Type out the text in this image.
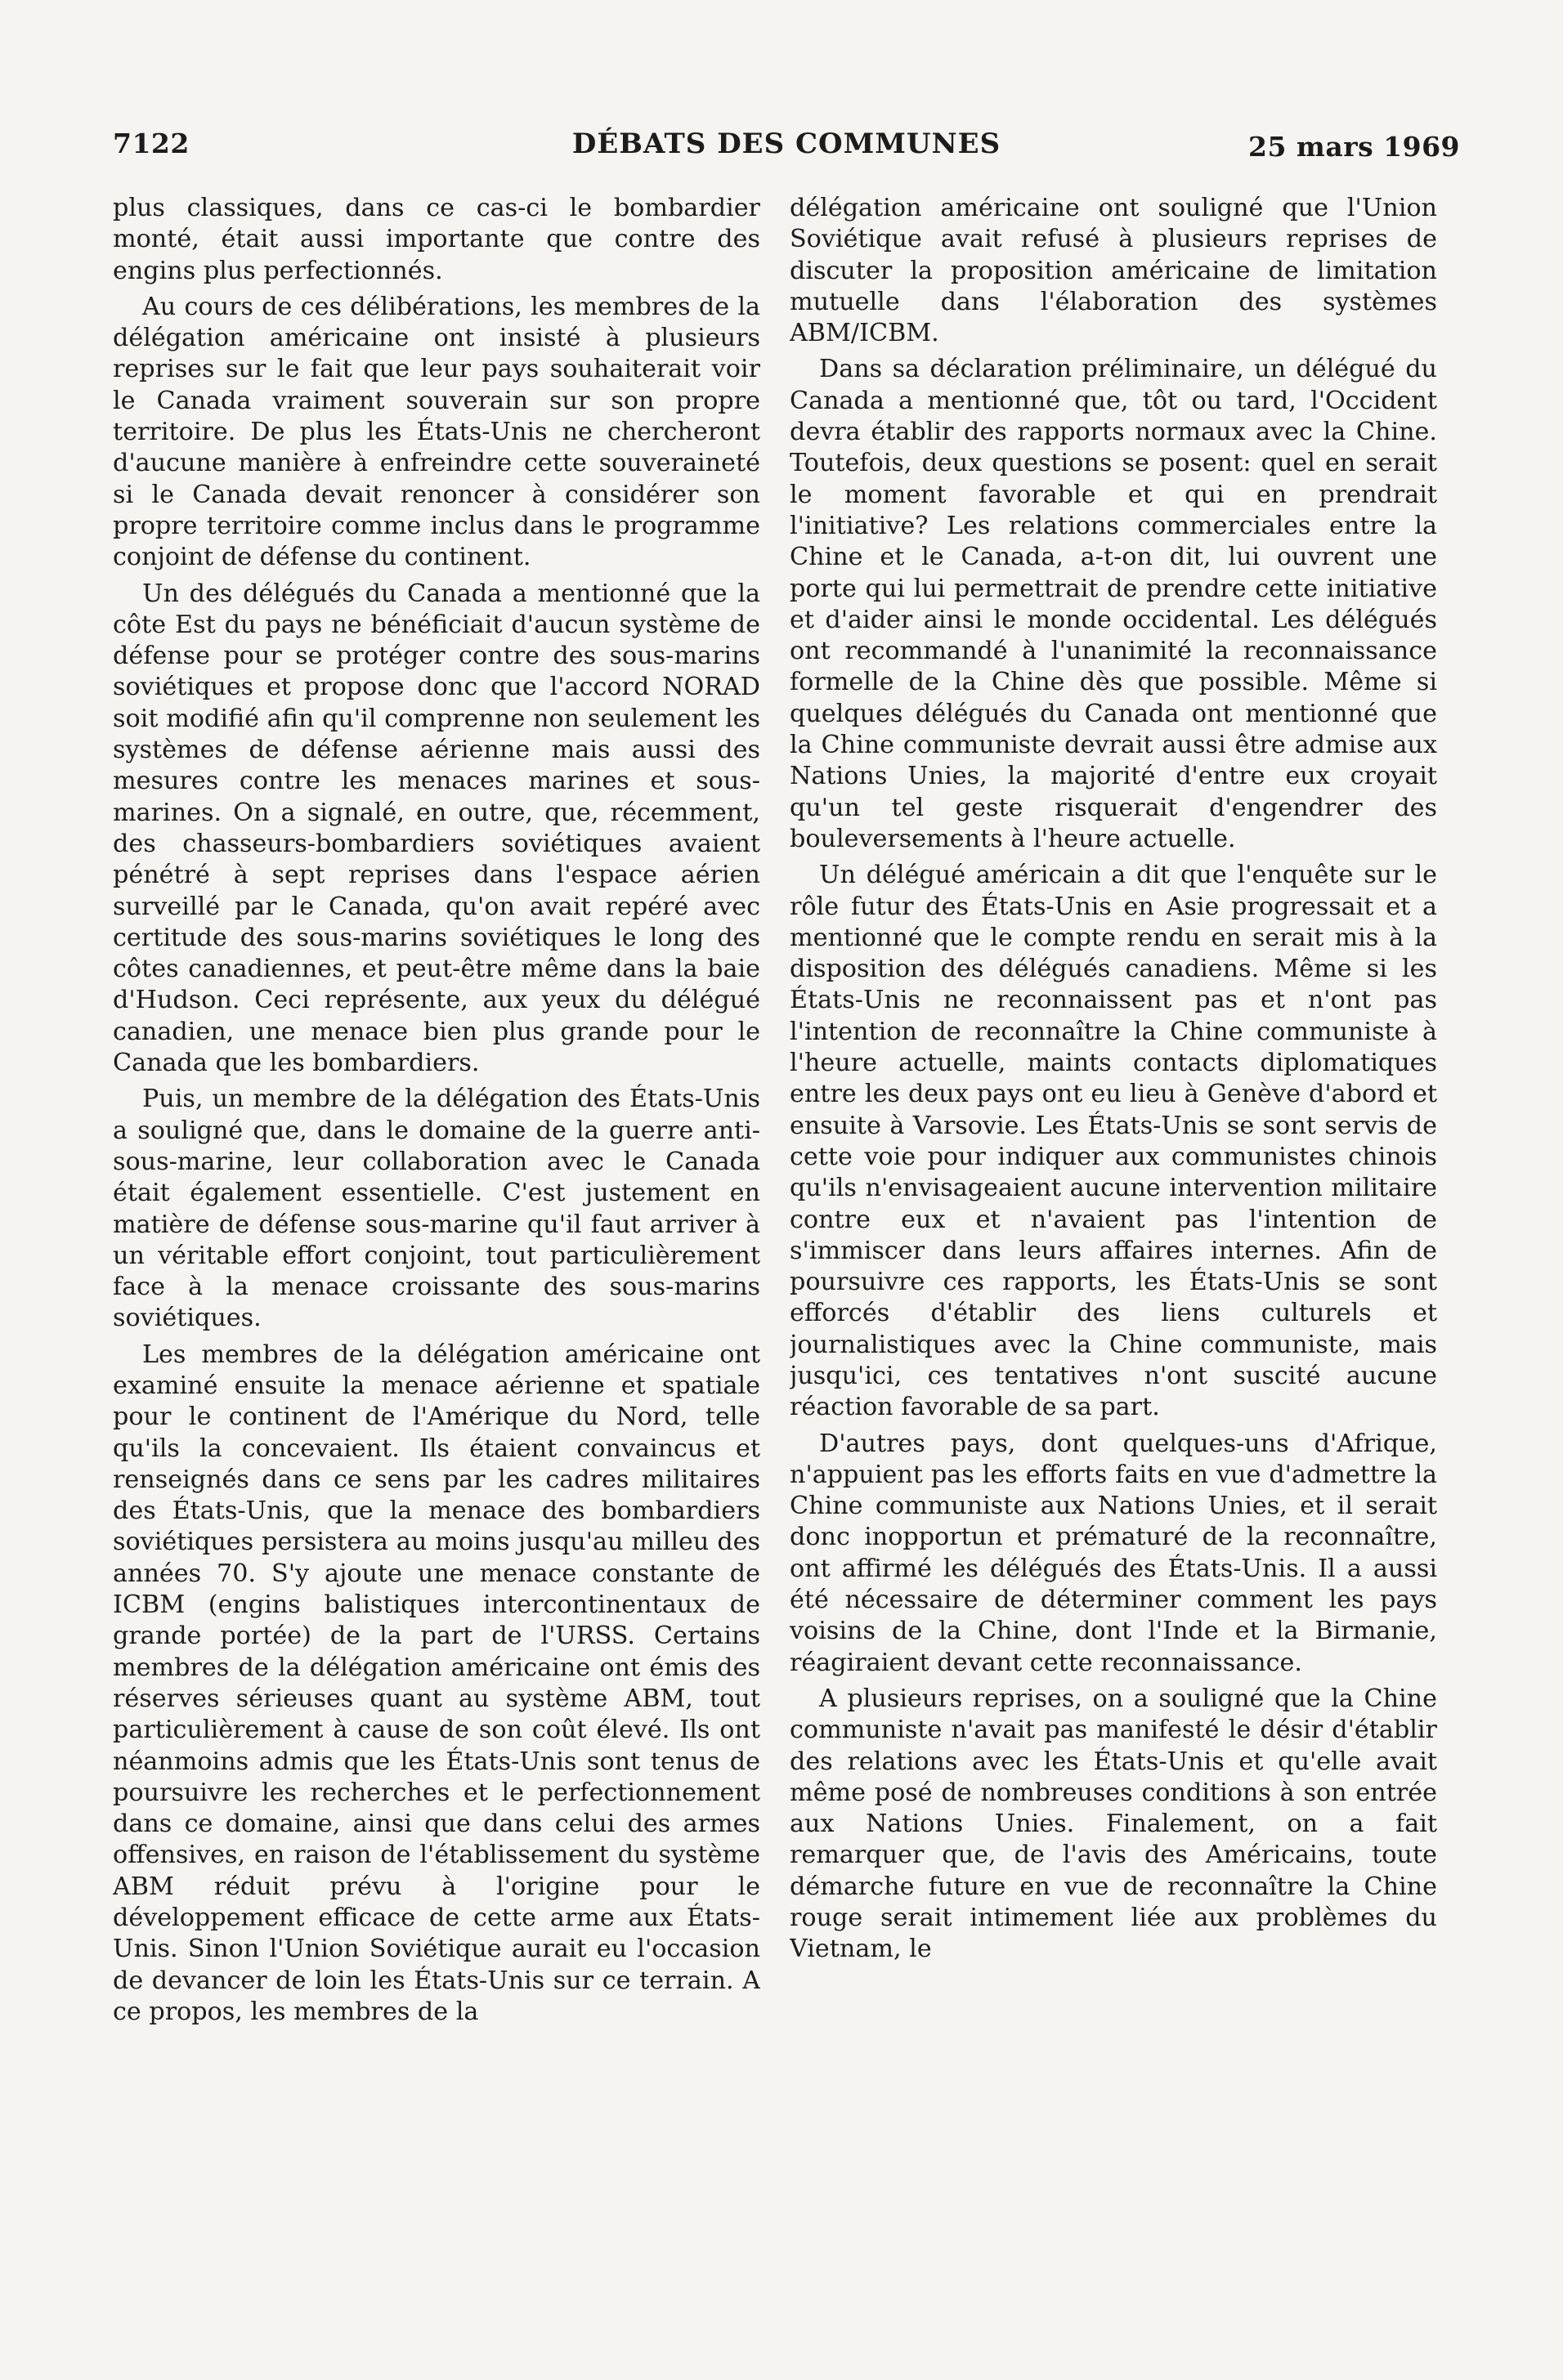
7122	DÉBATS DES COMMUNES	25 mars 1969

plus classiques, dans ce cas-ci le bombardier monté, était aussi importante que contre des engins plus perfectionnés.

Au cours de ces délibérations, les membres de la délégation américaine ont insisté à plusieurs reprises sur le fait que leur pays souhaiterait voir le Canada vraiment souverain sur son propre territoire. De plus les États-Unis ne chercheront d'aucune manière à enfreindre cette souveraineté si le Canada devait renoncer à considérer son propre territoire comme inclus dans le programme conjoint de défense du continent.

Un des délégués du Canada a mentionné que la côte Est du pays ne bénéficiait d'aucun système de défense pour se protéger contre des sous-marins soviétiques et propose donc que l'accord NORAD soit modifié afin qu'il comprenne non seulement les systèmes de défense aérienne mais aussi des mesures contre les menaces marines et sous-marines. On a signalé, en outre, que, récemment, des chasseurs-bombardiers soviétiques avaient pénétré à sept reprises dans l'espace aérien surveillé par le Canada, qu'on avait repéré avec certitude des sous-marins soviétiques le long des côtes canadiennes, et peut-être même dans la baie d'Hudson. Ceci représente, aux yeux du délégué canadien, une menace bien plus grande pour le Canada que les bombardiers.

Puis, un membre de la délégation des États-Unis a souligné que, dans le domaine de la guerre anti-sous-marine, leur collaboration avec le Canada était également essentielle. C'est justement en matière de défense sous-marine qu'il faut arriver à un véritable effort conjoint, tout particulièrement face à la menace croissante des sous-marins soviétiques.

Les membres de la délégation américaine ont examiné ensuite la menace aérienne et spatiale pour le continent de l'Amérique du Nord, telle qu'ils la concevaient. Ils étaient convaincus et renseignés dans ce sens par les cadres militaires des États-Unis, que la menace des bombardiers soviétiques persistera au moins jusqu'au milleu des années 70. S'y ajoute une menace constante de ICBM (engins balistiques intercontinentaux de grande portée) de la part de l'URSS. Certains membres de la délégation américaine ont émis des réserves sérieuses quant au système ABM, tout particulièrement à cause de son coût élevé. Ils ont néanmoins admis que les États-Unis sont tenus de poursuivre les recherches et le perfectionnement dans ce domaine, ainsi que dans celui des armes offensives, en raison de l'établissement du système ABM réduit prévu à l'origine pour le développement efficace de cette arme aux États-Unis. Sinon l'Union Soviétique aurait eu l'occasion de devancer de loin les États-Unis sur ce terrain. A ce propos, les membres de la

délégation américaine ont souligné que l'Union Soviétique avait refusé à plusieurs reprises de discuter la proposition américaine de limitation mutuelle dans l'élaboration des systèmes ABM/ICBM.

Dans sa déclaration préliminaire, un délégué du Canada a mentionné que, tôt ou tard, l'Occident devra établir des rapports normaux avec la Chine. Toutefois, deux questions se posent: quel en serait le moment favorable et qui en prendrait l'initiative? Les relations commerciales entre la Chine et le Canada, a-t-on dit, lui ouvrent une porte qui lui permettrait de prendre cette initiative et d'aider ainsi le monde occidental. Les délégués ont recommandé à l'unanimité la reconnaissance formelle de la Chine dès que possible. Même si quelques délégués du Canada ont mentionné que la Chine communiste devrait aussi être admise aux Nations Unies, la majorité d'entre eux croyait qu'un tel geste risquerait d'engendrer des bouleversements à l'heure actuelle.

Un délégué américain a dit que l'enquête sur le rôle futur des États-Unis en Asie progressait et a mentionné que le compte rendu en serait mis à la disposition des délégués canadiens. Même si les États-Unis ne reconnaissent pas et n'ont pas l'intention de reconnaître la Chine communiste à l'heure actuelle, maints contacts diplomatiques entre les deux pays ont eu lieu à Genève d'abord et ensuite à Varsovie. Les États-Unis se sont servis de cette voie pour indiquer aux communistes chinois qu'ils n'envisageaient aucune intervention militaire contre eux et n'avaient pas l'intention de s'immiscer dans leurs affaires internes. Afin de poursuivre ces rapports, les États-Unis se sont efforcés d'établir des liens culturels et journalistiques avec la Chine communiste, mais jusqu'ici, ces tentatives n'ont suscité aucune réaction favorable de sa part.

D'autres pays, dont quelques-uns d'Afrique, n'appuient pas les efforts faits en vue d'admettre la Chine communiste aux Nations Unies, et il serait donc inopportun et prématuré de la reconnaître, ont affirmé les délégués des États-Unis. Il a aussi été nécessaire de déterminer comment les pays voisins de la Chine, dont l'Inde et la Birmanie, réagiraient devant cette reconnaissance.

A plusieurs reprises, on a souligné que la Chine communiste n'avait pas manifesté le désir d'établir des relations avec les États-Unis et qu'elle avait même posé de nombreuses conditions à son entrée aux Nations Unies. Finalement, on a fait remarquer que, de l'avis des Américains, toute démarche future en vue de reconnaître la Chine rouge serait intimement liée aux problèmes du Vietnam, le
